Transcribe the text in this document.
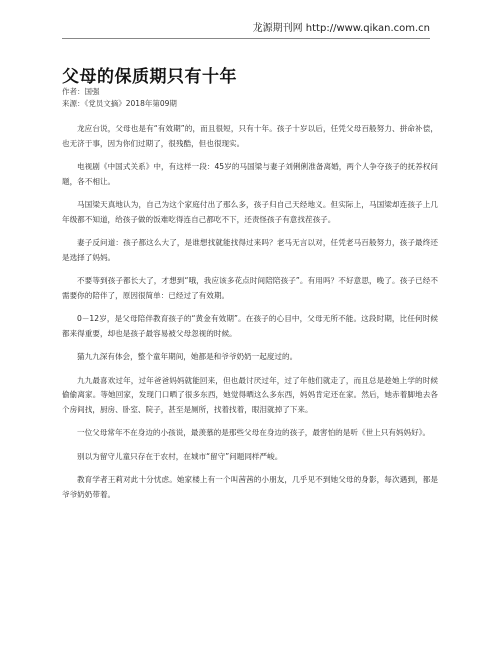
龙源期刊网 http://www.qikan.com.cn
父母的保质期只有十年
作者：国强
来源：《党员文摘》2018年第09期

龙应台说，父母也是有“有效期”的，而且很短，只有十年。孩子十岁以后，任凭父母百般努力、拼命补偿，也无济于事，因为你们过期了，很残酷，但也很现实。

电视剧《中国式关系》中，有这样一段：45岁的马国梁与妻子刘俐俐准备离婚，两个人争夺孩子的抚养权问题，各不相让。

马国梁天真地认为，自己为这个家庭付出了那么多，孩子归自己天经地义。但实际上，马国梁却连孩子上几年级都不知道，给孩子做的饭难吃得连自己都吃不下，还责怪孩子有意找茬孩子。

妻子反问道：孩子都这么大了，是谁想找就能找得过来吗？老马无言以对，任凭老马百般努力，孩子最终还是选择了妈妈。

不要等到孩子都长大了，才想到“哦，我应该多花点时间陪陪孩子”。有用吗？不好意思，晚了。孩子已经不需要你的陪伴了，原因很简单：已经过了有效期。

0－12岁，是父母陪伴教育孩子的“黄金有效期”。在孩子的心目中，父母无所不能。这段时期，比任何时候都来得重要，却也是孩子最容易被父母忽视的时候。

猫九九深有体会，整个童年期间，她都是和爷爷奶奶一起度过的。

九九最喜欢过年，过年爸爸妈妈就能回来，但也最讨厌过年，过了年他们就走了，而且总是趁她上学的时候偷偷离家。等她回家，发现门口晒了很多东西，她觉得晒这么多东西，妈妈肯定还在家。然后，她赤着脚地去各个房间找，厨房、卧室、院子，甚至是厕所，找着找着，眼泪就掉了下来。

一位父母常年不在身边的小孩说，最羡慕的是那些父母在身边的孩子，最害怕的是听《世上只有妈妈好》。

别以为留守儿童只存在于农村，在城市“留守”问题同样严峻。

教育学者王莉对此十分忧虑。她家楼上有一个叫茜茜的小朋友，几乎见不到她父母的身影，每次遇到，都是爷爷奶奶带着。
